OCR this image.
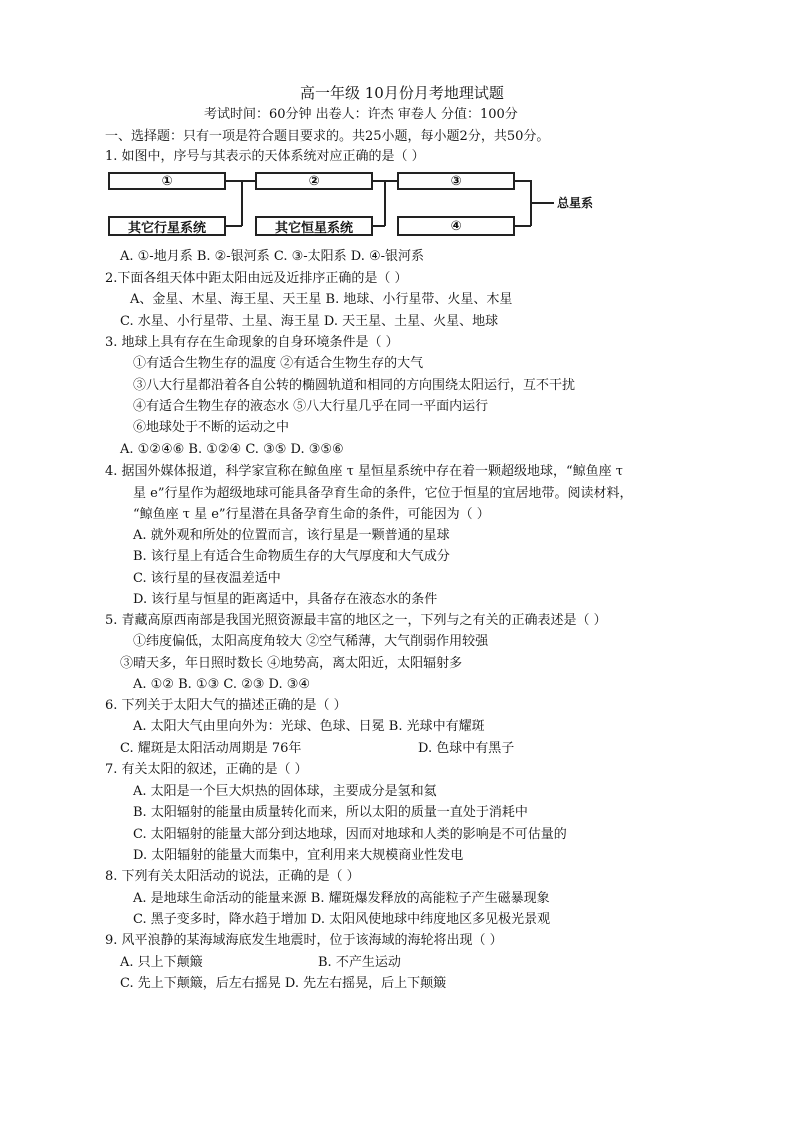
高一年级 10月份月考地理试题
考试时间：60分钟 出卷人：许杰 审卷人 分值：100分
一、选择题：只有一项是符合题目要求的。共25小题，每小题2分，共50分。
1. 如图中，序号与其表示的天体系统对应正确的是（ ）
①	②	③
其它行星系统	其它恒星系统	④
总星系
A. ①-地月系 B. ②-银河系 C. ③-太阳系 D. ④-银河系
2.下面各组天体中距太阳由远及近排序正确的是（ ）
A、金星、木星、海王星、天王星 B. 地球、小行星带、火星、木星
C. 水星、小行星带、土星、海王星 D. 天王星、土星、火星、地球
3. 地球上具有存在生命现象的自身环境条件是（ ）
①有适合生物生存的温度 ②有适合生物生存的大气
③八大行星都沿着各自公转的椭圆轨道和相同的方向围绕太阳运行，互不干扰
④有适合生物生存的液态水 ⑤八大行星几乎在同一平面内运行
⑥地球处于不断的运动之中
A. ①②④⑥ B. ①②④ C. ③⑤ D. ③⑤⑥
4. 据国外媒体报道，科学家宣称在鲸鱼座 τ 星恒星系统中存在着一颗超级地球，“鲸鱼座 τ
星 e”行星作为超级地球可能具备孕育生命的条件，它位于恒星的宜居地带。阅读材料，
“鲸鱼座 τ 星 e”行星潜在具备孕育生命的条件，可能因为（ ）
A. 就外观和所处的位置而言，该行星是一颗普通的星球
B. 该行星上有适合生命物质生存的大气厚度和大气成分
C. 该行星的昼夜温差适中
D. 该行星与恒星的距离适中，具备存在液态水的条件
5. 青藏高原西南部是我国光照资源最丰富的地区之一，下列与之有关的正确表述是（ ）
①纬度偏低，太阳高度角较大 ②空气稀薄，大气削弱作用较强
③晴天多，年日照时数长 ④地势高，离太阳近，太阳辐射多
A. ①② B. ①③ C. ②③ D. ③④
6. 下列关于太阳大气的描述正确的是（ ）
A. 太阳大气由里向外为：光球、色球、日冕 B. 光球中有耀斑
C. 耀斑是太阳活动周期是 76年	D. 色球中有黑子
7. 有关太阳的叙述，正确的是（ ）
A. 太阳是一个巨大炽热的固体球，主要成分是氢和氦
B. 太阳辐射的能量由质量转化而来，所以太阳的质量一直处于消耗中
C. 太阳辐射的能量大部分到达地球，因而对地球和人类的影响是不可估量的
D. 太阳辐射的能量大而集中，宜利用来大规模商业性发电
8. 下列有关太阳活动的说法，正确的是（ ）
A. 是地球生命活动的能量来源 B. 耀斑爆发释放的高能粒子产生磁暴现象
C. 黑子变多时，降水趋于增加 D. 太阳风使地球中纬度地区多见极光景观
9. 风平浪静的某海域海底发生地震时，位于该海域的海轮将出现（ ）
A. 只上下颠簸	B. 不产生运动
C. 先上下颠簸，后左右摇晃 D. 先左右摇晃，后上下颠簸
